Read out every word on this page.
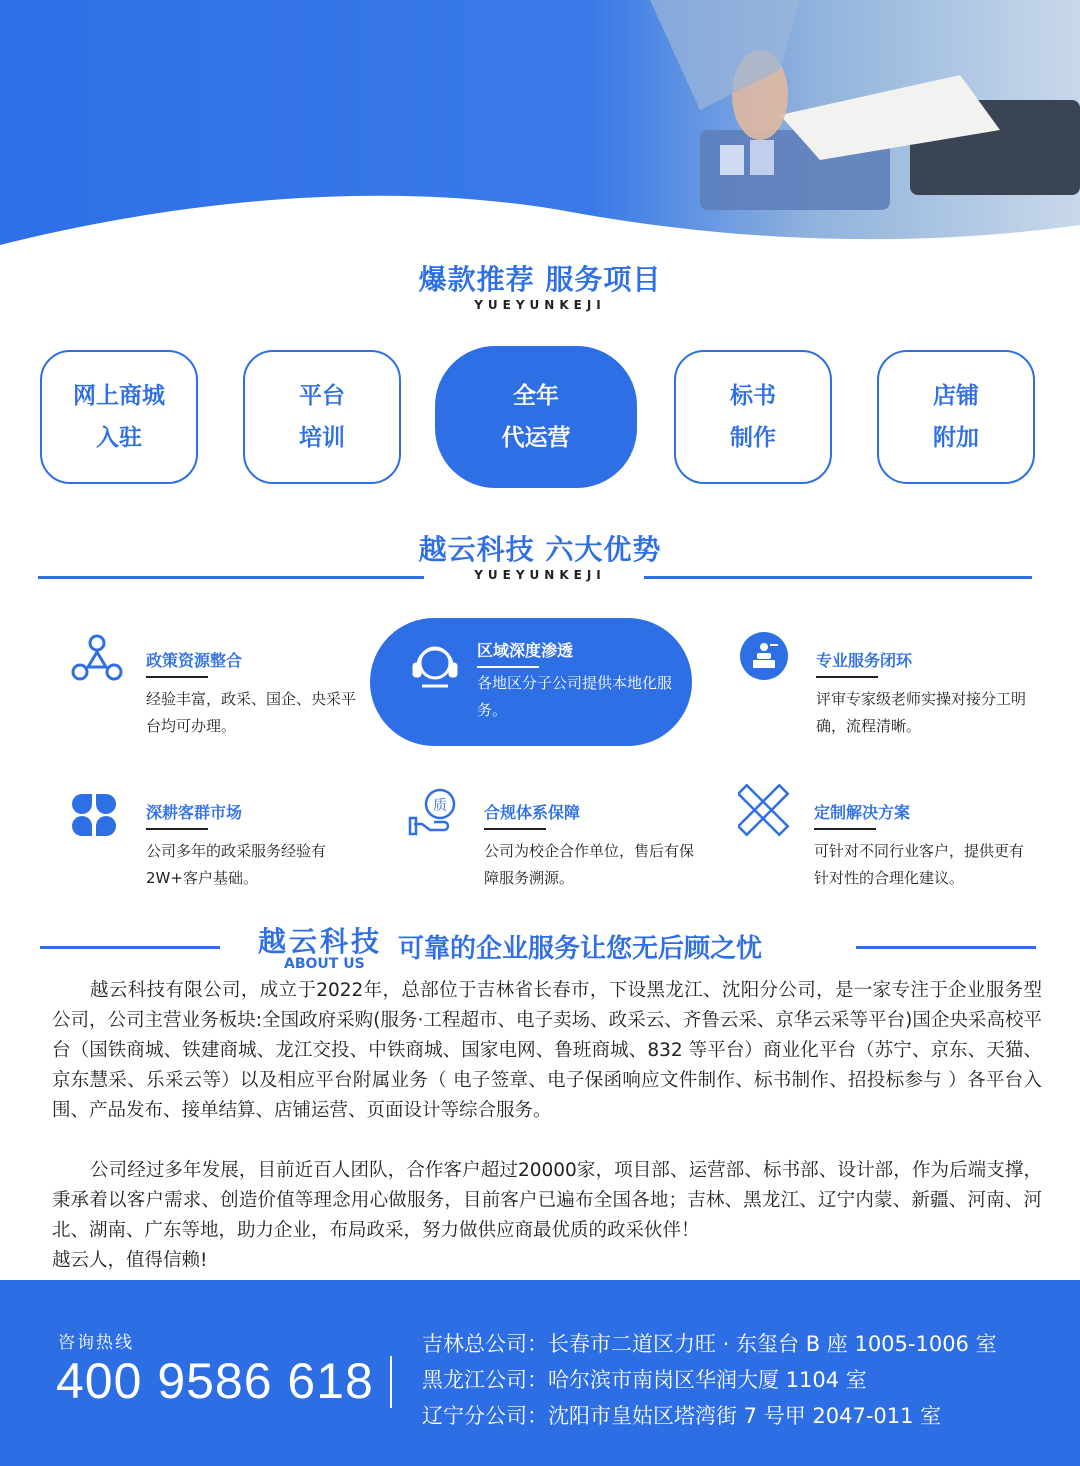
爆款推荐 服务项目
YUEYUNKEJI
网上商城
入驻
平台
培训
全年
代运营
标书
制作
店铺
附加
越云科技 六大优势
YUEYUNKEJI
政策资源整合
经验丰富，政采、国企、央采平台均可办理。
区域深度渗透
各地区分子公司提供本地化服务。
专业服务闭环
评审专家级老师实操对接分工明确，流程清晰。
深耕客群市场
公司多年的政采服务经验有2W+客户基础。
质 合规体系保障
公司为校企合作单位，售后有保障服务溯源。
定制解决方案
可针对不同行业客户，提供更有针对性的合理化建议。
越云科技
ABOUT US 可靠的企业服务让您无后顾之忧
越云科技有限公司，成立于2022年，总部位于吉林省长春市，下设黑龙江、沈阳分公司，是一家专注于企业服务型公司，公司主营业务板块:全国政府采购(服务·工程超市、电子卖场、政采云、齐鲁云采、京华云采等平台)国企央采高校平台（国铁商城、铁建商城、龙江交投、中铁商城、国家电网、鲁班商城、832 等平台）商业化平台（苏宁、京东、天猫、京东慧采、乐采云等）以及相应平台附属业务（ 电子签章、电子保函响应文件制作、标书制作、招投标参与 ）各平台入围、产品发布、接单结算、店铺运营、页面设计等综合服务。
公司经过多年发展，目前近百人团队，合作客户超过20000家，项目部、运营部、标书部、设计部，作为后端支撑，秉承着以客户需求、创造价值等理念用心做服务，目前客户已遍布全国各地；吉林、黑龙江、辽宁内蒙、新疆、河南、河北、湖南、广东等地，助力企业，布局政采，努力做供应商最优质的政采伙伴！
越云人，值得信赖!
咨询热线
400 9586 618
吉林总公司：长春市二道区力旺 · 东玺台 B 座 1005-1006 室
黑龙江公司：哈尔滨市南岗区华润大厦 1104 室
辽宁分公司：沈阳市皇姑区塔湾街 7 号甲 2047-011 室
